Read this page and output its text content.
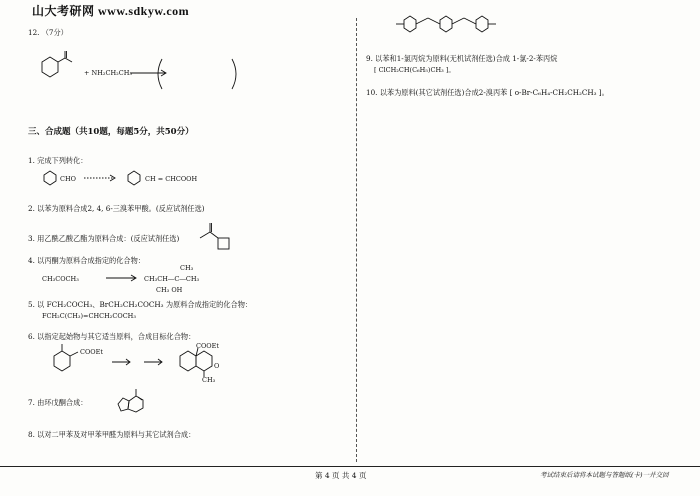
山大考研网 www.sdkyw.com
12. （7分）
+ NH₂CH₂CH₃
三、合成题（共10题，每题5分，共50分）
1. 完成下列转化：
CHO	CH = CHCOOH
2. 以苯为原料合成2, 4, 6-三溴苯甲酸。(反应试剂任选)
3. 用乙酰乙酸乙酯为原料合成：(反应试剂任选)
4. 以丙酮为原料合成指定的化合物：
CH₃COCH₃
CH₃
CH₃CH―C―CH₃
CH₃ OH
5. 以 FCH₂COCH₃、BrCH₂CH₂COCH₃ 为原料合成指定的化合物：
FCH₂C(CH₃)=CHCH₂COCH₃
6. 以指定起始物与其它适当原料，合成目标化合物：
COOEt
COOEt
O
CH₃
7. 由环戊酮合成：
8. 以对二甲苯及对甲苯甲醛为原料与其它试剂合成：
9. 以苯和1-氯丙烷为原料(无机试剂任选)合成 1-氯-2-苯丙烷
[ ClCH₂CH(C₆H₅)CH₃ ]。
10. 以苯为原料(其它试剂任选)合成2-溴丙苯 [ o-Br-C₆H₄-CH₂CH₂CH₃ ]。
第 4 页 共 4 页	考试结束后请将本试题与答题纸(卡)一并交回
